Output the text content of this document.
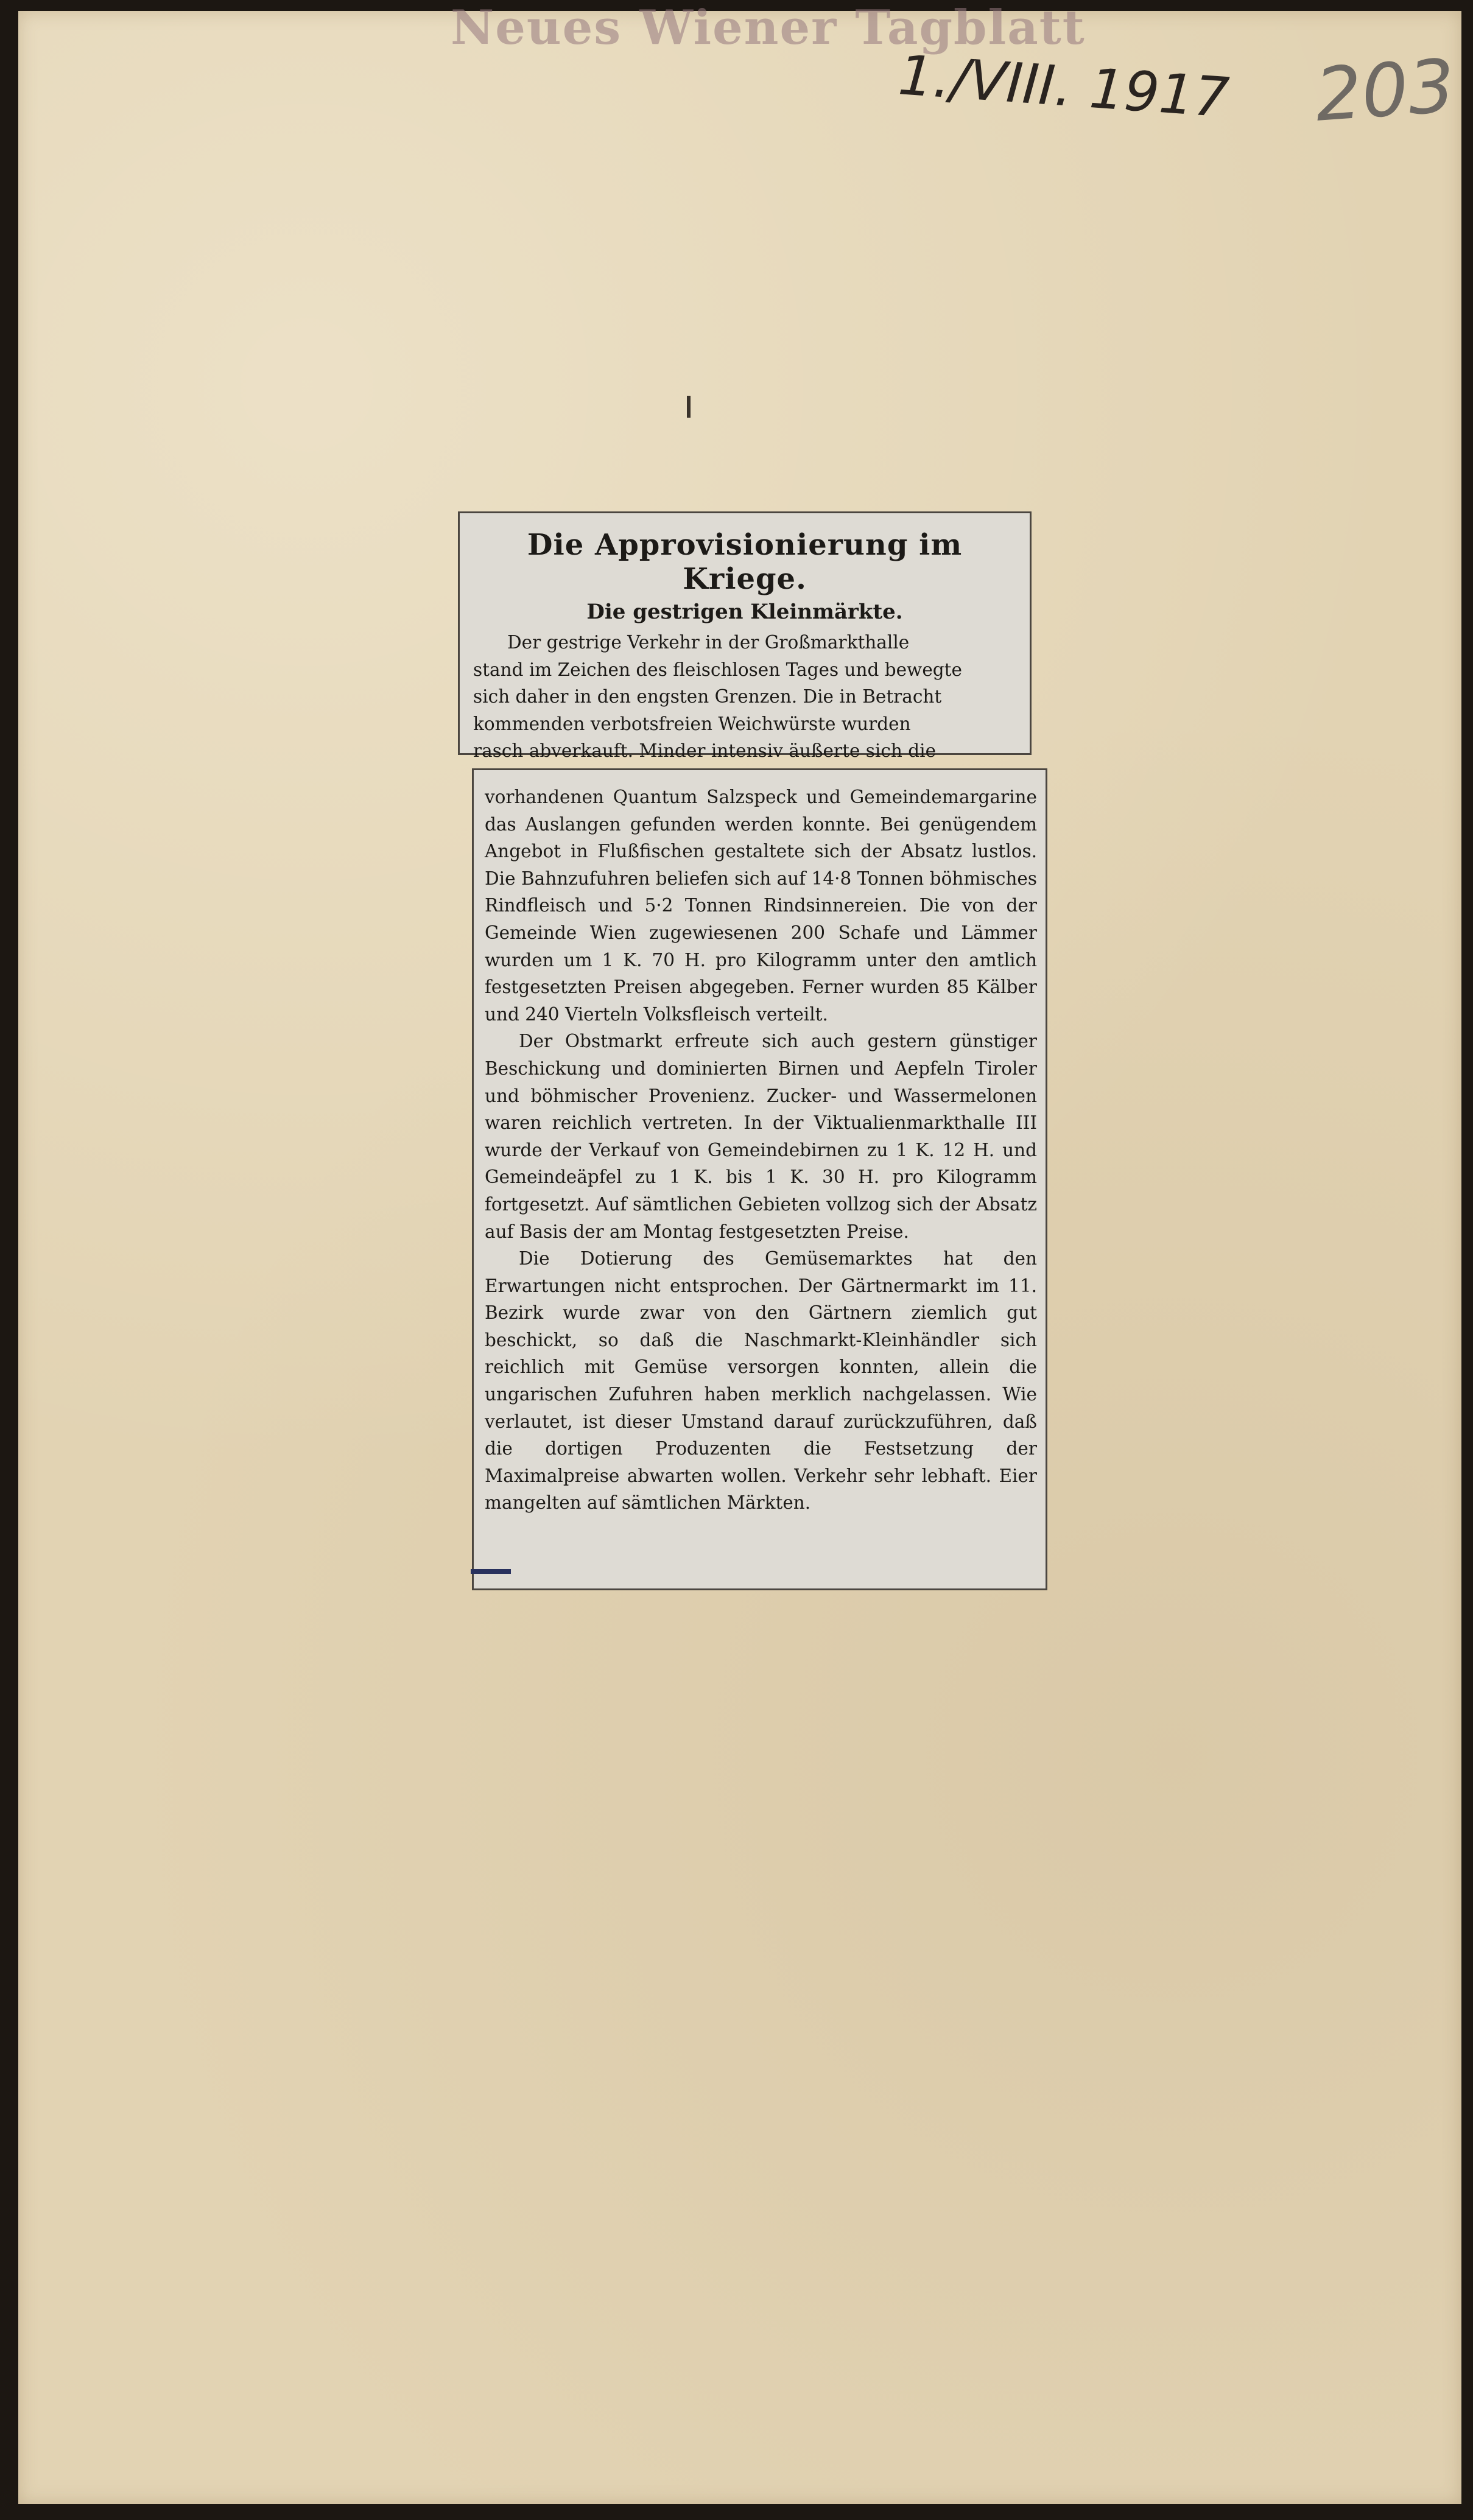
Neues Wiener Tagblatt
1./VIII. 1917 203
Die Approvisionierung im Kriege.
Die gestrigen Kleinmärkte.
Der gestrige Verkehr in der Großmarkthalle
stand im Zeichen des fleischlosen Tages und bewegte
sich daher in den engsten Grenzen. Die in Betracht
kommenden verbotsfreien Weichwürste wurden
rasch abverkauft. Minder intensiv äußerte sich die

vorhandenen Quantum Salzspeck und Gemeindemargarine das Auslangen gefunden werden konnte. Bei genügendem Angebot in Flußfischen gestaltete sich der Absatz lustlos. Die Bahnzufuhren beliefen sich auf 14·8 Tonnen böhmisches Rindfleisch und 5·2 Tonnen Rindsinnereien. Die von der Gemeinde Wien zugewiesenen 200 Schafe und Lämmer wurden um 1 K. 70 H. pro Kilogramm unter den amtlich festgesetzten Preisen abgegeben. Ferner wurden 85 Kälber und 240 Vierteln Volksfleisch verteilt.

Der Obstmarkt erfreute sich auch gestern günstiger Beschickung und dominierten Birnen und Aepfeln Tiroler und böhmischer Provenienz. Zucker- und Wassermelonen waren reichlich vertreten. In der Viktualienmarkthalle III wurde der Verkauf von Gemeindebirnen zu 1 K. 12 H. und Gemeindeäpfel zu 1 K. bis 1 K. 30 H. pro Kilogramm fortgesetzt. Auf sämtlichen Gebieten vollzog sich der Absatz auf Basis der am Montag festgesetzten Preise.

Die Dotierung des Gemüsemarktes hat den Erwartungen nicht entsprochen. Der Gärtnermarkt im 11. Bezirk wurde zwar von den Gärtnern ziemlich gut beschickt, so daß die Naschmarkt-Kleinhändler sich reichlich mit Gemüse versorgen konnten, allein die ungarischen Zufuhren haben merklich nachgelassen. Wie verlautet, ist dieser Umstand darauf zurückzuführen, daß die dortigen Produzenten die Festsetzung der Maximalpreise abwarten wollen. Verkehr sehr lebhaft. Eier mangelten auf sämtlichen Märkten.
